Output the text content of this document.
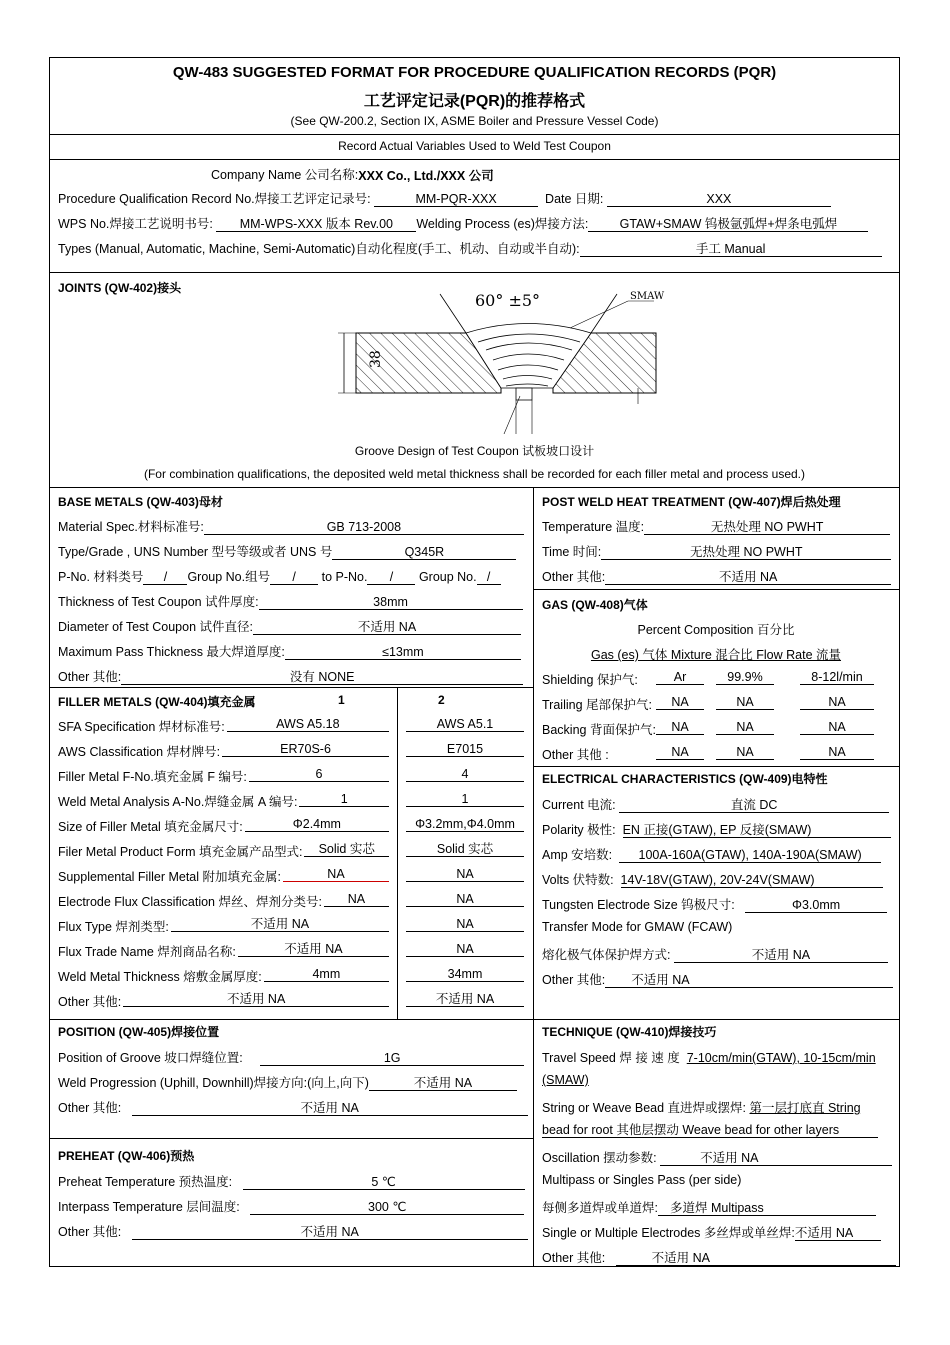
QW-483 SUGGESTED FORMAT FOR PROCEDURE QUALIFICATION RECORDS (PQR)
工艺评定记录(PQR)的推荐格式
(See QW-200.2, Section IX, ASME Boiler and Pressure Vessel Code)
Record Actual Variables Used to Weld Test Coupon
Company Name 公司名称:XXX Co., Ltd./XXX 公司
Procedure Qualification Record No.焊接工艺评定记录号:	MM-PQR-XXX	Date 日期:	XXX
WPS No.焊接工艺说明书号: MM-WPS-XXX 版本 Rev.00 Welding Process (es)焊接方法: GTAW+SMAW 钨极氩弧焊+焊条电弧焊
Types (Manual, Automatic, Machine, Semi-Automatic)自动化程度(手工、机动、自动或半自动):	手工 Manual
JOINTS (QW-402)接头
60° ±5°	SMAW
38
Groove Design of Test Coupon 试板坡口设计
(For combination qualifications, the deposited weld metal thickness shall be recorded for each filler metal and process used.)
BASE METALS (QW-403)母材
Material Spec.材料标准号:	GB 713-2008
Type/Grade , UNS Number 型号等级或者 UNS 号	Q345R
P-No. 材料类号 / Group No.组号 / to P-No. / Group No. /
Thickness of Test Coupon 试件厚度:	38mm
Diameter of Test Coupon 试件直径:	不适用 NA
Maximum Pass Thickness 最大焊道厚度:	≤13mm
Other 其他:	没有 NONE
FILLER METALS (QW-404)填充金属	1	2
POSITION (QW-405)焊接位置
Position of Groove 坡口焊缝位置:	1G
Weld Progression (Uphill, Downhill)焊接方向:(向上,向下)	不适用 NA
Other 其他:	不适用 NA
PREHEAT (QW-406)预热
Preheat Temperature 预热温度:	5 ℃
Interpass Temperature 层间温度:	300 ℃
Other 其他:	不适用 NA
POST WELD HEAT TREATMENT (QW-407)焊后热处理
Temperature 温度:	无热处理 NO PWHT
Time 时间:	无热处理 NO PWHT
Other 其他:	不适用 NA
GAS (QW-408)气体
Percent Composition 百分比
Gas (es) 气体 Mixture 混合比 Flow Rate 流量
ELECTRICAL CHARACTERISTICS (QW-409)电特性
Current 电流:	直流 DC
Polarity 极性: EN 正接(GTAW), EP 反接(SMAW)
Amp 安培数: 100A-160A(GTAW), 140A-190A(SMAW)
Volts 伏特数: 14V-18V(GTAW), 20V-24V(SMAW)
Tungsten Electrode Size 钨极尺寸:	Φ3.0mm
Transfer Mode for GMAW (FCAW)
熔化极气体保护焊方式:	不适用 NA
Other 其他: 不适用 NA
TECHNIQUE (QW-410)焊接技巧
Travel Speed 焊 接 速 度 7-10cm/min(GTAW), 10-15cm/min
(SMAW)
String or Weave Bead 直进焊或摆焊: 第一层打底直 String
bead for root 其他层摆动 Weave bead for other layers
Oscillation 摆动参数:	不适用 NA
Multipass or Singles Pass (per side)
每侧多道焊或单道焊: 多道焊 Multipass
Single or Multiple Electrodes 多丝焊或单丝焊:不适用 NA
Other 其他:	不适用 NA
SFA Specification 焊材标准号:	AWS A5.18	AWS A5.1
AWS Classification 焊材牌号:	ER70S-6	E7015
Filler Metal F-No.填充金属 F 编号:	6	4
Weld Metal Analysis A-No.焊缝金属 A 编号:	1	1
Size of Filler Metal 填充金属尺寸:	Φ2.4mm	Φ3.2mm,Φ4.0mm
Filer Metal Product Form 填充金属产品型式:	Solid 实芯	Solid 实芯
Supplemental Filler Metal 附加填充金属:	NA	NA
Electrode Flux Classification 焊丝、焊剂分类号:	NA	NA
Flux Type 焊剂类型:	不适用 NA	NA
Flux Trade Name 焊剂商品名称:	不适用 NA	NA
Weld Metal Thickness 熔敷金属厚度:	4mm	34mm
Other 其他:	不适用 NA	不适用 NA
Shielding 保护气:	Ar	99.9%	8-12l/min
Trailing 尾部保护气:	NA	NA	NA
Backing 背面保护气:	NA	NA	NA
Other 其他 :	NA	NA	NA
